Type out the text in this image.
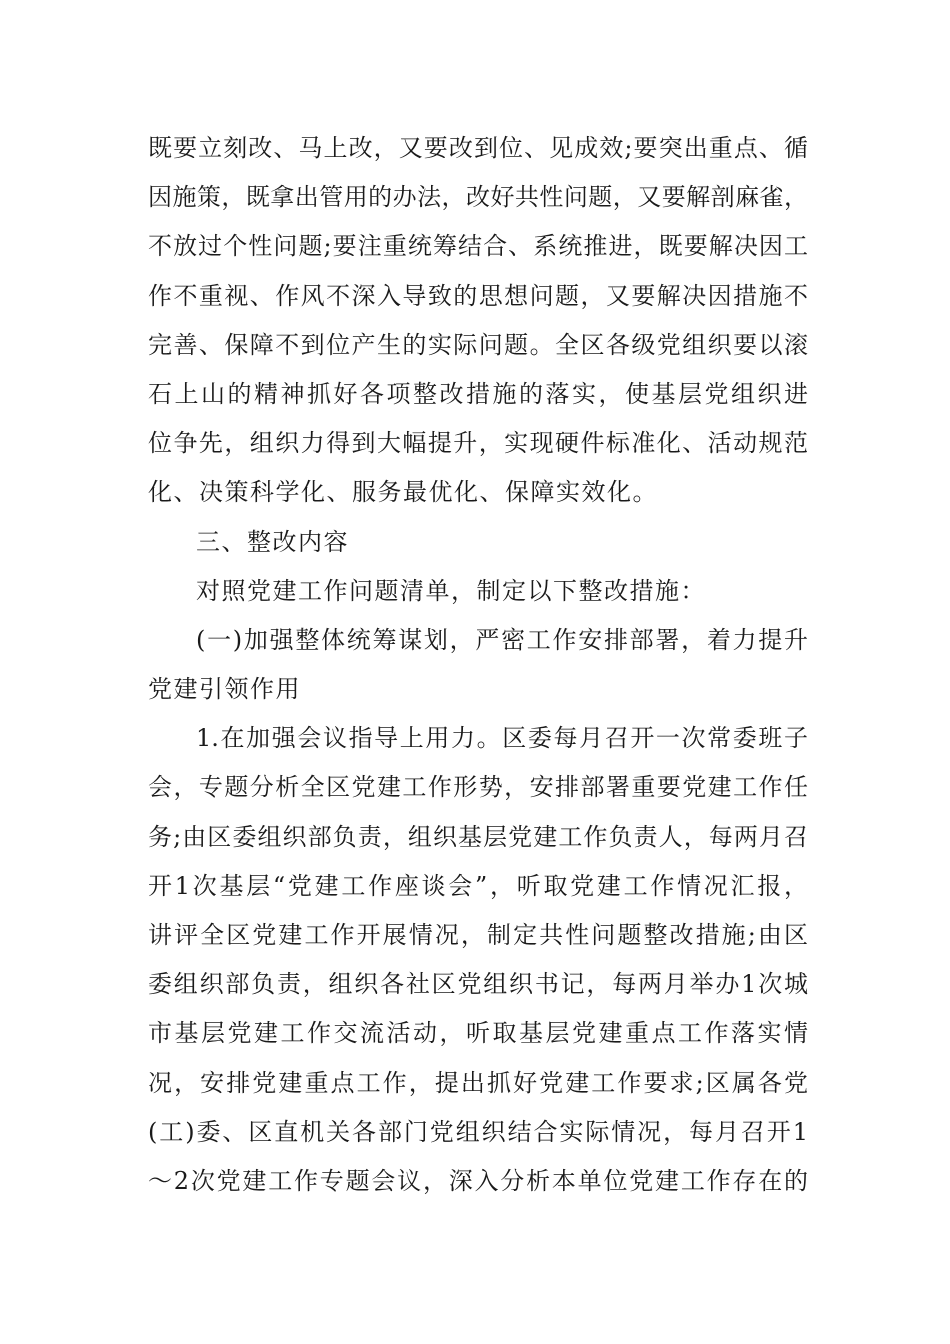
既要立刻改、马上改，又要改到位、见成效;要突出重点、循
因施策，既拿出管用的办法，改好共性问题，又要解剖麻雀，
不放过个性问题;要注重统筹结合、系统推进，既要解决因工
作不重视、作风不深入导致的思想问题，又要解决因措施不
完善、保障不到位产生的实际问题。全区各级党组织要以滚
石上山的精神抓好各项整改措施的落实，使基层党组织进
位争先，组织力得到大幅提升，实现硬件标准化、活动规范
化、决策科学化、服务最优化、保障实效化。
三、整改内容
对照党建工作问题清单，制定以下整改措施：
(一)加强整体统筹谋划，严密工作安排部署，着力提升
党建引领作用
1.在加强会议指导上用力。区委每月召开一次常委班子
会，专题分析全区党建工作形势，安排部署重要党建工作任
务;由区委组织部负责，组织基层党建工作负责人，每两月召
开1次基层“党建工作座谈会”，听取党建工作情况汇报，
讲评全区党建工作开展情况，制定共性问题整改措施;由区
委组织部负责，组织各社区党组织书记，每两月举办1次城
市基层党建工作交流活动，听取基层党建重点工作落实情
况，安排党建重点工作，提出抓好党建工作要求;区属各党
(工)委、区直机关各部门党组织结合实际情况，每月召开1
～2次党建工作专题会议，深入分析本单位党建工作存在的
